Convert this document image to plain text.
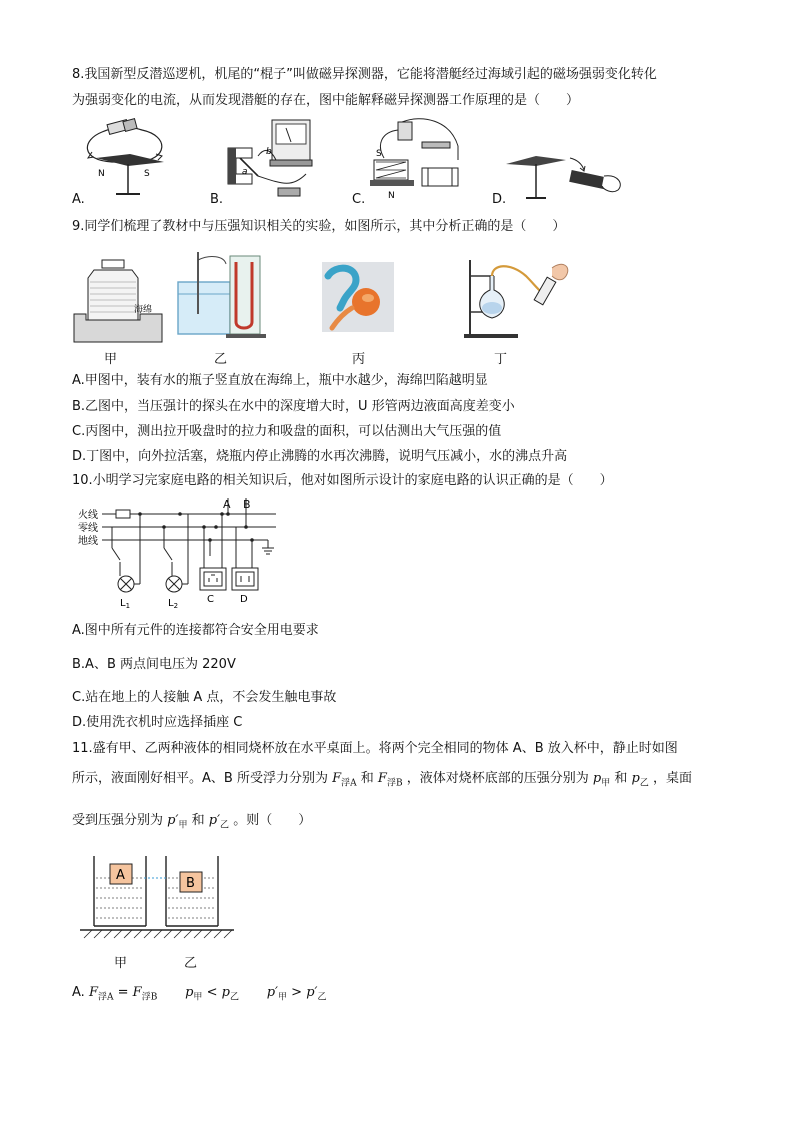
8.我国新型反潜巡逻机，机尾的“棍子”叫做磁异探测器，它能将潜艇经过海域引起的磁场强弱变化转化
为强弱变化的电流，从而发现潜艇的存在，图中能解释磁异探测器工作原理的是（　　）
N	S
A.
a
b
B.
S
N
C.	D.
9.同学们梳理了教材中与压强知识相关的实验，如图所示，其中分析正确的是（　　）
海绵
甲	乙	丙	丁
A.甲图中，装有水的瓶子竖直放在海绵上，瓶中水越少，海绵凹陷越明显
B.乙图中，当压强计的探头在水中的深度增大时，U 形管两边液面高度差变小
C.丙图中，测出拉开吸盘时的拉力和吸盘的面积，可以估测出大气压强的值
D.丁图中，向外拉活塞，烧瓶内停止沸腾的水再次沸腾，说明气压减小，水的沸点升高
10.小明学习完家庭电路的相关知识后，他对如图所示设计的家庭电路的认识正确的是（　　）
火线
零线
地线
$L_1$	$L_2$
C	D
A B
A.图中所有元件的连接都符合安全用电要求
B.A、B 两点间电压为 220V
C.站在地上的人接触 A 点，不会发生触电事故
D.使用洗衣机时应选择插座 C
11.盛有甲、乙两种液体的相同烧杯放在水平桌面上。将两个完全相同的物体 A、B 放入杯中，静止时如图
所示，液面刚好相平。A、B 所受浮力分别为 $F_{浮A}$ 和 $F_{浮B}$ ，液体对烧杯底部的压强分别为 $p_甲$ 和 $p_乙$ ，桌面
受到压强分别为 $p'_甲$ 和 $p'_乙$ 。则（　　）
A
B
甲	乙
A. $F_{浮A} = F_{浮B}$    $p_甲 < p_乙$    $p'_甲 > p'_乙$
